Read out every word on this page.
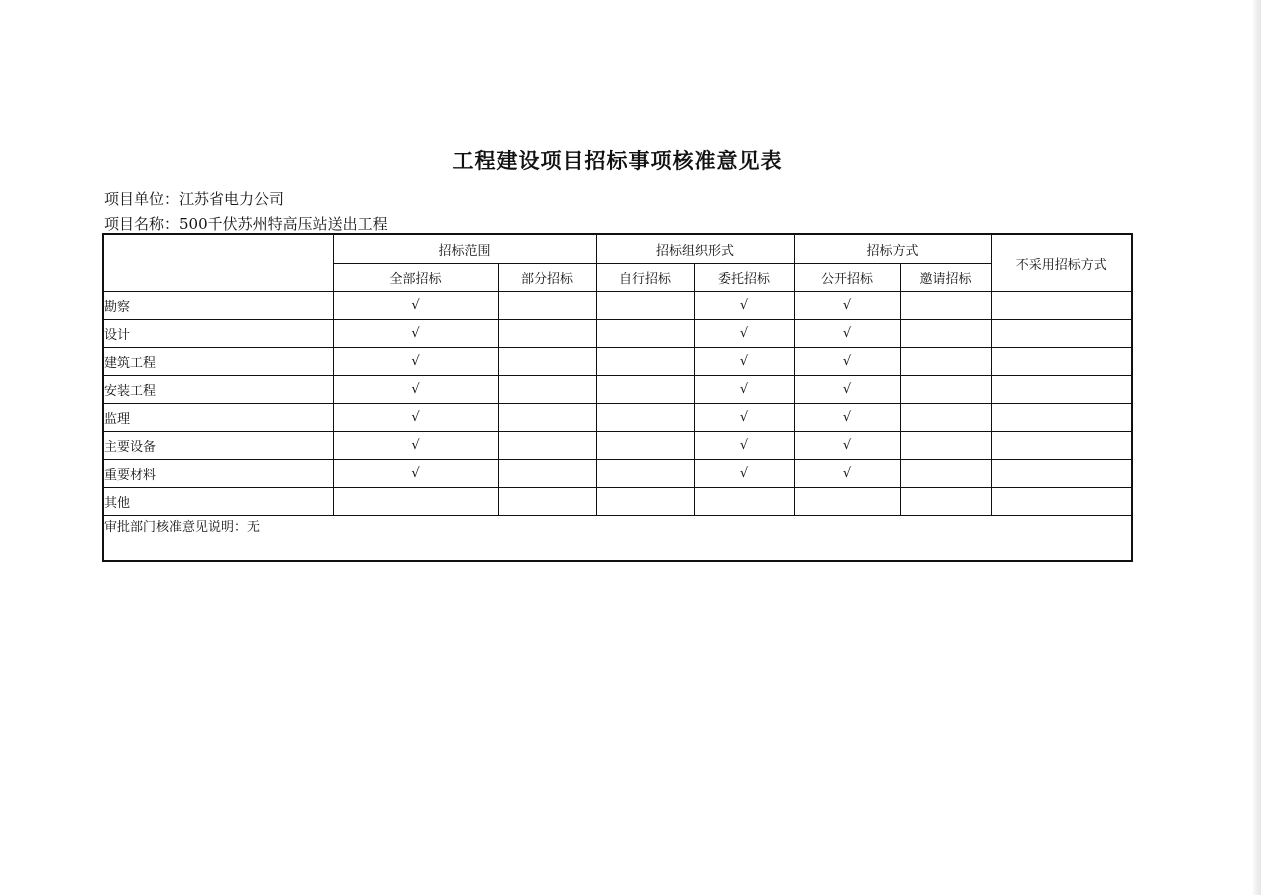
工程建设项目招标事项核准意见表
项目单位：江苏省电力公司
项目名称：500千伏苏州特高压站送出工程
	招标范围		招标组织形式		招标方式		不采用招标方式
	全部招标	部分招标	自行招标	委托招标	公开招标	邀请招标	
勘察	√			√	√		
设计	√			√	√		
建筑工程	√			√	√		
安装工程	√			√	√		
监理	√			√	√		
主要设备	√			√	√		
重要材料	√			√	√		
其他							
审批部门核准意见说明：无							
